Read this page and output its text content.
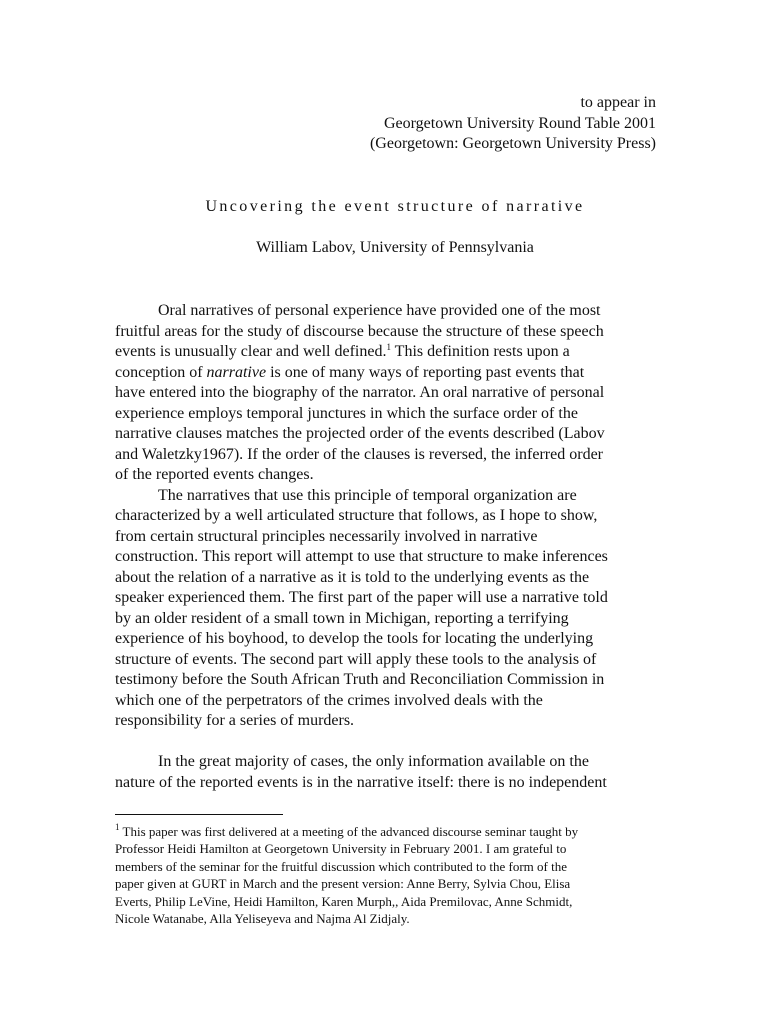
to appear in
Georgetown University Round Table 2001
(Georgetown: Georgetown University Press)
Uncovering the event structure of narrative
William Labov, University of Pennsylvania
Oral narratives of personal experience have provided one of the most
fruitful areas for the study of discourse because the structure of these speech
events is unusually clear and well defined.$^1$ This definition rests upon a
conception of narrative is one of many ways of reporting past events that
have entered into the biography of the narrator. An oral narrative of personal
experience employs temporal junctures in which the surface order of the
narrative clauses matches the projected order of the events described (Labov
and Waletzky1967). If the order of the clauses is reversed, the inferred order
of the reported events changes.
The narratives that use this principle of temporal organization are
characterized by a well articulated structure that follows, as I hope to show,
from certain structural principles necessarily involved in narrative
construction. This report will attempt to use that structure to make inferences
about the relation of a narrative as it is told to the underlying events as the
speaker experienced them. The first part of the paper will use a narrative told
by an older resident of a small town in Michigan, reporting a terrifying
experience of his boyhood, to develop the tools for locating the underlying
structure of events. The second part will apply these tools to the analysis of
testimony before the South African Truth and Reconciliation Commission in
which one of the perpetrators of the crimes involved deals with the
responsibility for a series of murders.
In the great majority of cases, the only information available on the
nature of the reported events is in the narrative itself: there is no independent
$^1$ This paper was first delivered at a meeting of the advanced discourse seminar taught by
Professor Heidi Hamilton at Georgetown University in February 2001. I am grateful to
members of the seminar for the fruitful discussion which contributed to the form of the
paper given at GURT in March and the present version: Anne Berry, Sylvia Chou, Elisa
Everts, Philip LeVine, Heidi Hamilton, Karen Murph,, Aida Premilovac, Anne Schmidt,
Nicole Watanabe, Alla Yeliseyeva and Najma Al Zidjaly.
